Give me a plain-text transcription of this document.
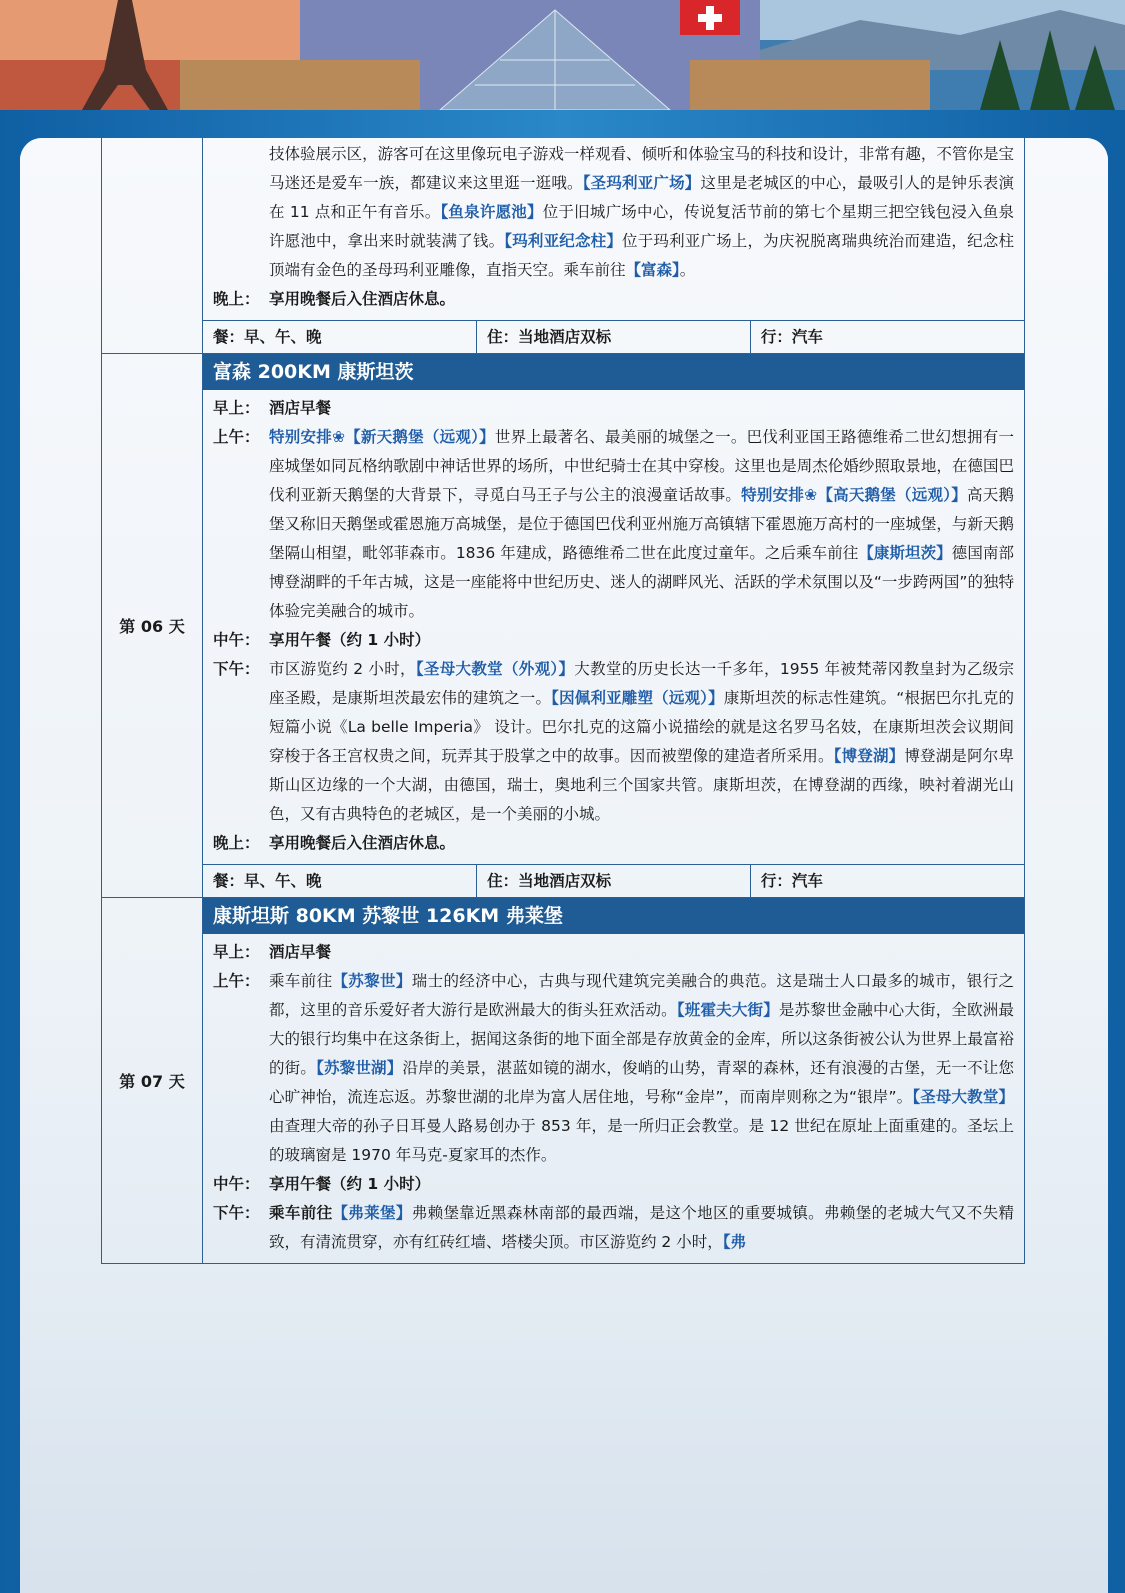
技体验展示区，游客可在这里像玩电子游戏一样观看、倾听和体验宝马的科技和设计，非常有趣，不管你是宝马迷还是爱车一族，都建议来这里逛一逛哦。【圣玛利亚广场】这里是老城区的中心，最吸引人的是钟乐表演在 11 点和正午有音乐。【鱼泉许愿池】位于旧城广场中心，传说复活节前的第七个星期三把空钱包浸入鱼泉许愿池中，拿出来时就装满了钱。【玛利亚纪念柱】位于玛利亚广场上，为庆祝脱离瑞典统治而建造，纪念柱顶端有金色的圣母玛利亚雕像，直指天空。乘车前往【富森】。
晚上： 享用晚餐后入住酒店休息。
餐：早、午、晚	住：当地酒店双标	行：汽车

第 06 天	
富森 200KM 康斯坦茨
早上： 酒店早餐
上午： 特别安排❀【新天鹅堡（远观）】世界上最著名、最美丽的城堡之一。巴伐利亚国王路德维希二世幻想拥有一座城堡如同瓦格纳歌剧中神话世界的场所，中世纪骑士在其中穿梭。这里也是周杰伦婚纱照取景地，在德国巴伐利亚新天鹅堡的大背景下，寻觅白马王子与公主的浪漫童话故事。特别安排❀【高天鹅堡（远观）】高天鹅堡又称旧天鹅堡或霍恩施万高城堡，是位于德国巴伐利亚州施万高镇辖下霍恩施万高村的一座城堡，与新天鹅堡隔山相望，毗邻菲森市。1836 年建成，路德维希二世在此度过童年。之后乘车前往【康斯坦茨】德国南部博登湖畔的千年古城，这是一座能将中世纪历史、迷人的湖畔风光、活跃的学术氛围以及“一步跨两国”的独特体验完美融合的城市。
中午： 享用午餐（约 1 小时）
下午： 市区游览约 2 小时，【圣母大教堂（外观）】大教堂的历史长达一千多年，1955 年被梵蒂冈教皇封为乙级宗座圣殿，是康斯坦茨最宏伟的建筑之一。【因佩利亚雕塑（远观）】康斯坦茨的标志性建筑。“根据巴尔扎克的短篇小说《La belle Imperia》 设计。巴尔扎克的这篇小说描绘的就是这名罗马名妓，在康斯坦茨会议期间穿梭于各王宫权贵之间，玩弄其于股掌之中的故事。因而被塑像的建造者所采用。【博登湖】博登湖是阿尔卑斯山区边缘的一个大湖，由德国，瑞士，奥地利三个国家共管。康斯坦茨，在博登湖的西缘，映衬着湖光山色，又有古典特色的老城区，是一个美丽的小城。
晚上： 享用晚餐后入住酒店休息。
餐：早、午、晚	住：当地酒店双标	行：汽车

第 07 天	
康斯坦斯 80KM 苏黎世 126KM 弗莱堡
早上： 酒店早餐
上午： 乘车前往【苏黎世】瑞士的经济中心，古典与现代建筑完美融合的典范。这是瑞士人口最多的城市，银行之都，这里的音乐爱好者大游行是欧洲最大的街头狂欢活动。【班霍夫大街】是苏黎世金融中心大街，全欧洲最大的银行均集中在这条街上，据闻这条街的地下面全部是存放黄金的金库，所以这条街被公认为世界上最富裕的街。【苏黎世湖】沿岸的美景，湛蓝如镜的湖水，俊峭的山势，青翠的森林，还有浪漫的古堡，无一不让您心旷神怡，流连忘返。苏黎世湖的北岸为富人居住地，号称“金岸”，而南岸则称之为“银岸”。【圣母大教堂】由查理大帝的孙子日耳曼人路易创办于 853 年，是一所归正会教堂。是 12 世纪在原址上面重建的。圣坛上的玻璃窗是 1970 年马克-夏家耳的杰作。
中午： 享用午餐（约 1 小时）
下午： 乘车前往【弗莱堡】弗赖堡靠近黑森林南部的最西端，是这个地区的重要城镇。弗赖堡的老城大气又不失精致，有清流贯穿，亦有红砖红墙、塔楼尖顶。市区游览约 2 小时，【弗
